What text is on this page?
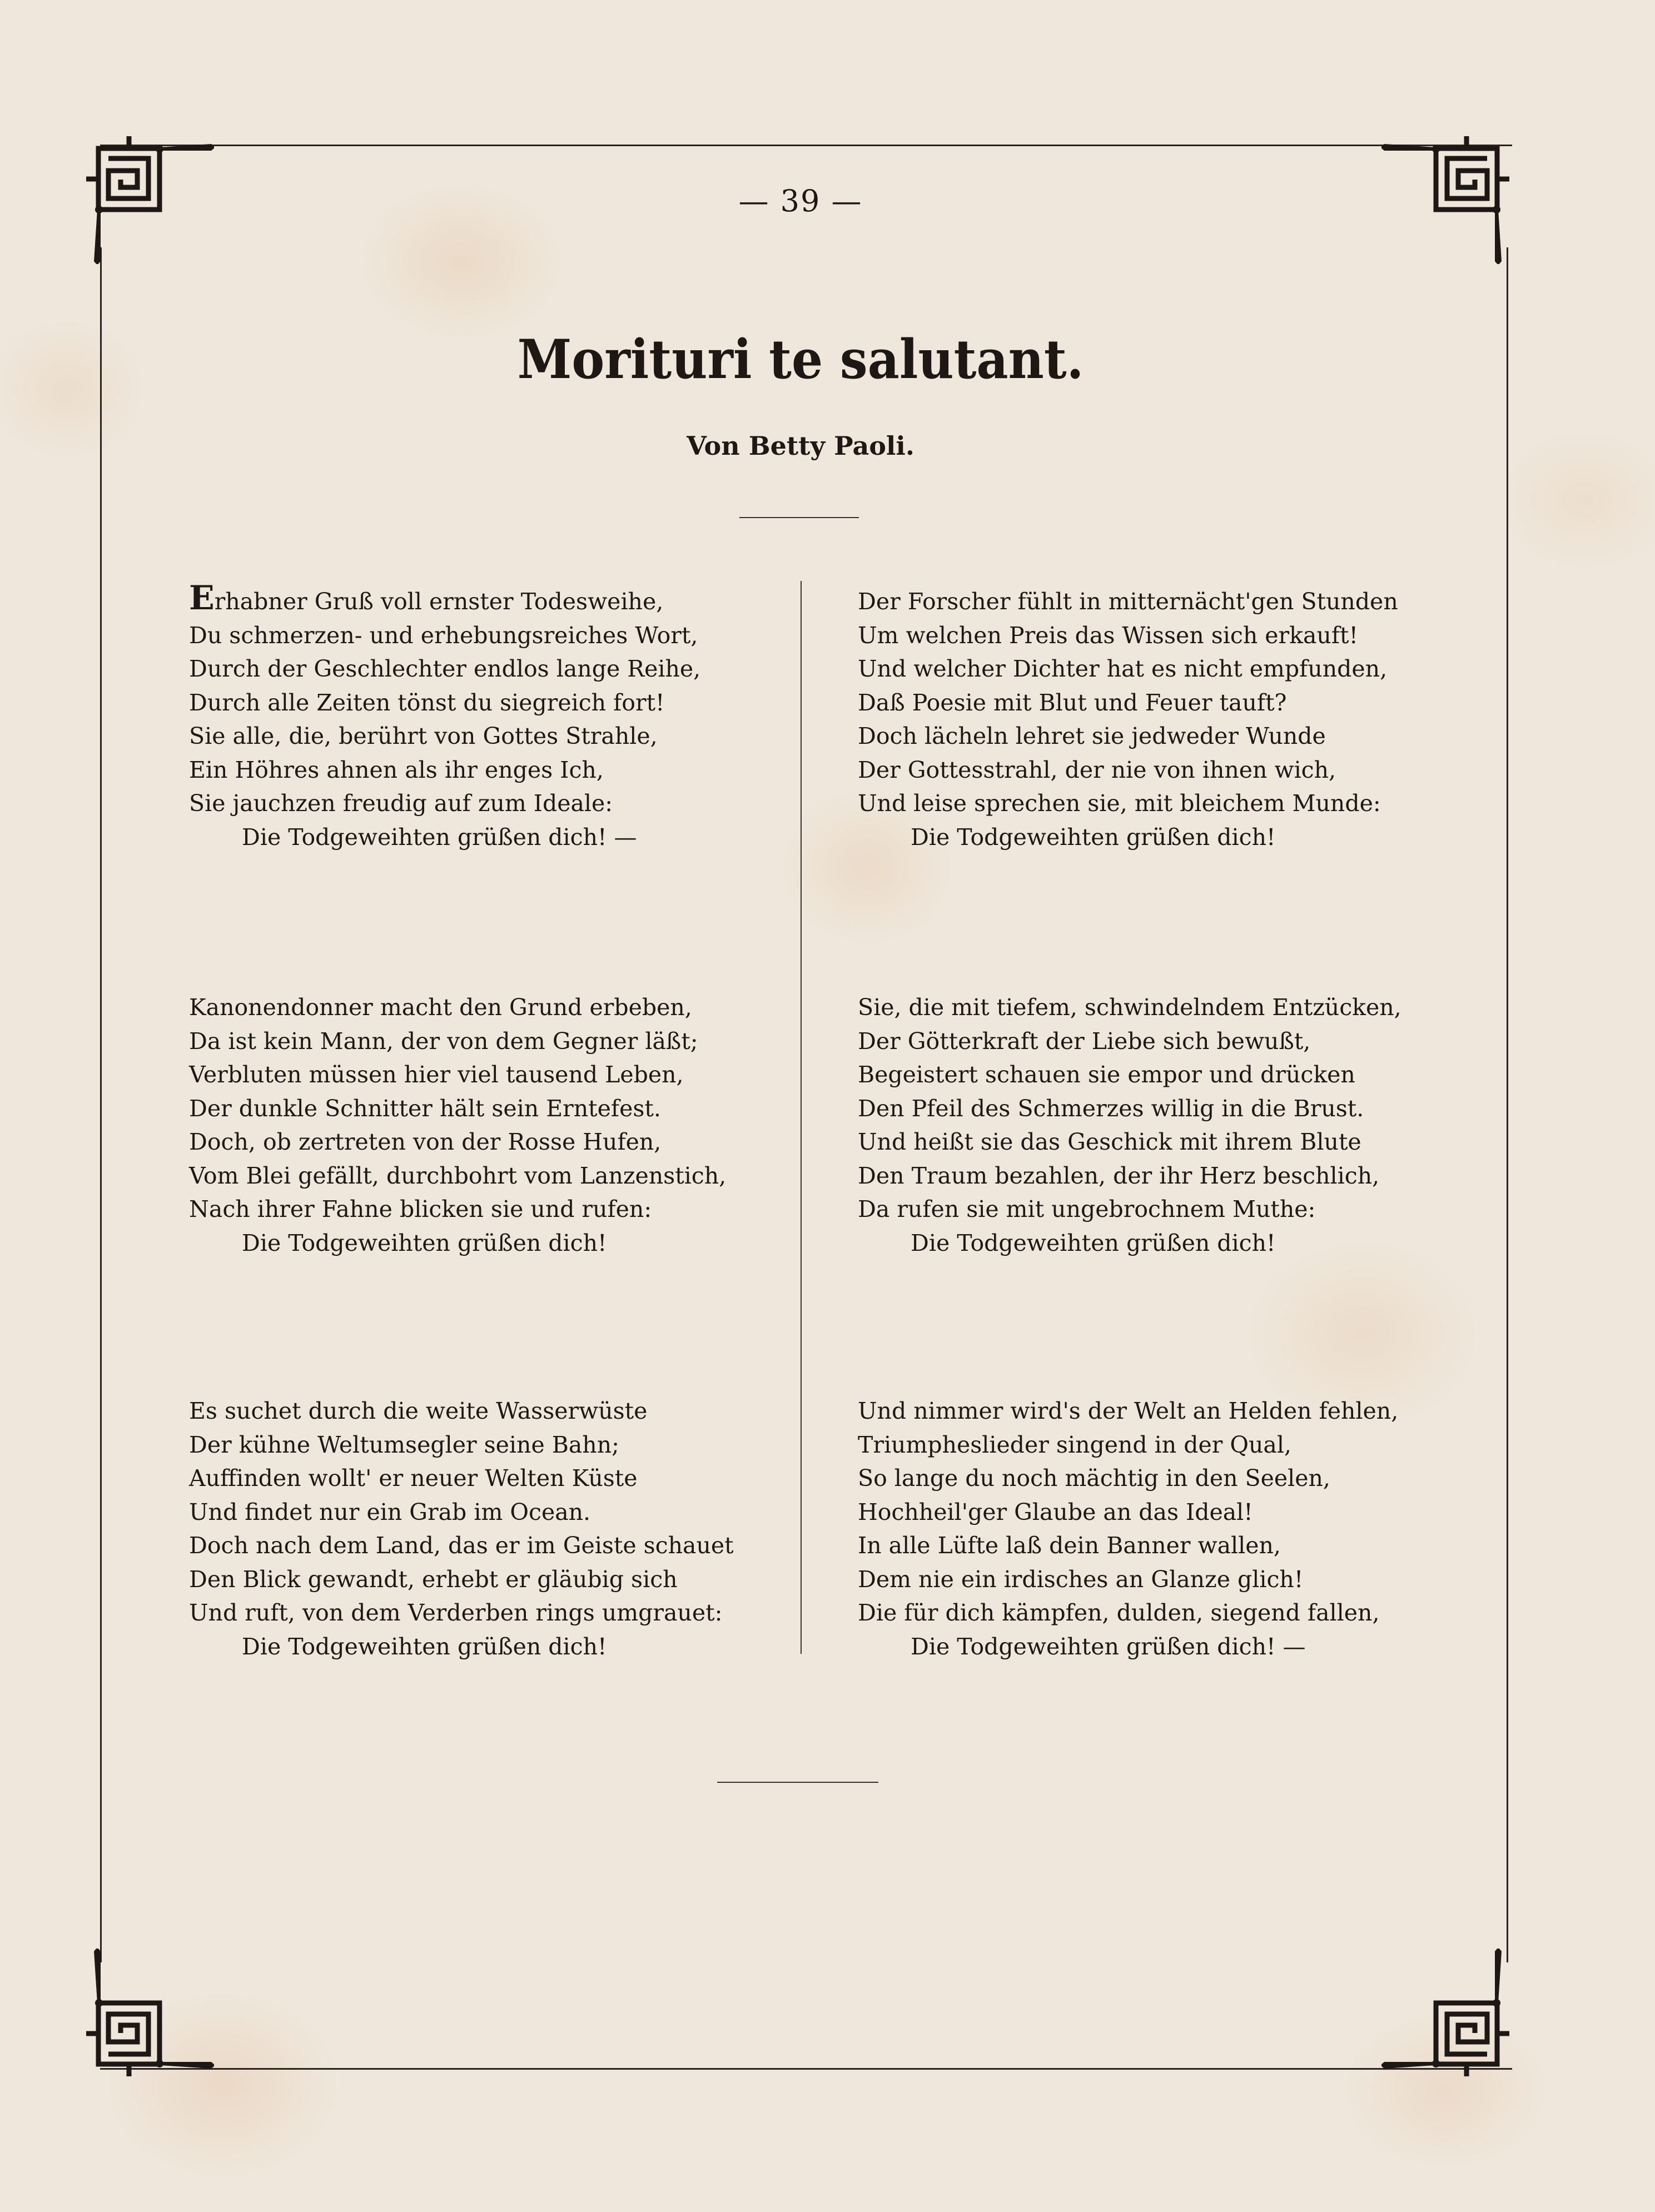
— 39 —
Morituri te salutant.
Von Betty Paoli.
Erhabner Gruß voll ernster Todesweihe,
Du schmerzen- und erhebungsreiches Wort,
Durch der Geschlechter endlos lange Reihe,
Durch alle Zeiten tönst du siegreich fort!
Sie alle, die, berührt von Gottes Strahle,
Ein Höhres ahnen als ihr enges Ich,
Sie jauchzen freudig auf zum Ideale:
Die Todgeweihten grüßen dich! —
Der Forscher fühlt in mitternächt'gen Stunden
Um welchen Preis das Wissen sich erkauft!
Und welcher Dichter hat es nicht empfunden,
Daß Poesie mit Blut und Feuer tauft?
Doch lächeln lehret sie jedweder Wunde
Der Gottesstrahl, der nie von ihnen wich,
Und leise sprechen sie, mit bleichem Munde:
Die Todgeweihten grüßen dich!
Kanonendonner macht den Grund erbeben,
Da ist kein Mann, der von dem Gegner läßt;
Verbluten müssen hier viel tausend Leben,
Der dunkle Schnitter hält sein Erntefest.
Doch, ob zertreten von der Rosse Hufen,
Vom Blei gefällt, durchbohrt vom Lanzenstich,
Nach ihrer Fahne blicken sie und rufen:
Die Todgeweihten grüßen dich!
Sie, die mit tiefem, schwindelndem Entzücken,
Der Götterkraft der Liebe sich bewußt,
Begeistert schauen sie empor und drücken
Den Pfeil des Schmerzes willig in die Brust.
Und heißt sie das Geschick mit ihrem Blute
Den Traum bezahlen, der ihr Herz beschlich,
Da rufen sie mit ungebrochnem Muthe:
Die Todgeweihten grüßen dich!
Es suchet durch die weite Wasserwüste
Der kühne Weltumsegler seine Bahn;
Auffinden wollt' er neuer Welten Küste
Und findet nur ein Grab im Ocean.
Doch nach dem Land, das er im Geiste schauet
Den Blick gewandt, erhebt er gläubig sich
Und ruft, von dem Verderben rings umgrauet:
Die Todgeweihten grüßen dich!
Und nimmer wird's der Welt an Helden fehlen,
Triumpheslieder singend in der Qual,
So lange du noch mächtig in den Seelen,
Hochheil'ger Glaube an das Ideal!
In alle Lüfte laß dein Banner wallen,
Dem nie ein irdisches an Glanze glich!
Die für dich kämpfen, dulden, siegend fallen,
Die Todgeweihten grüßen dich! —
